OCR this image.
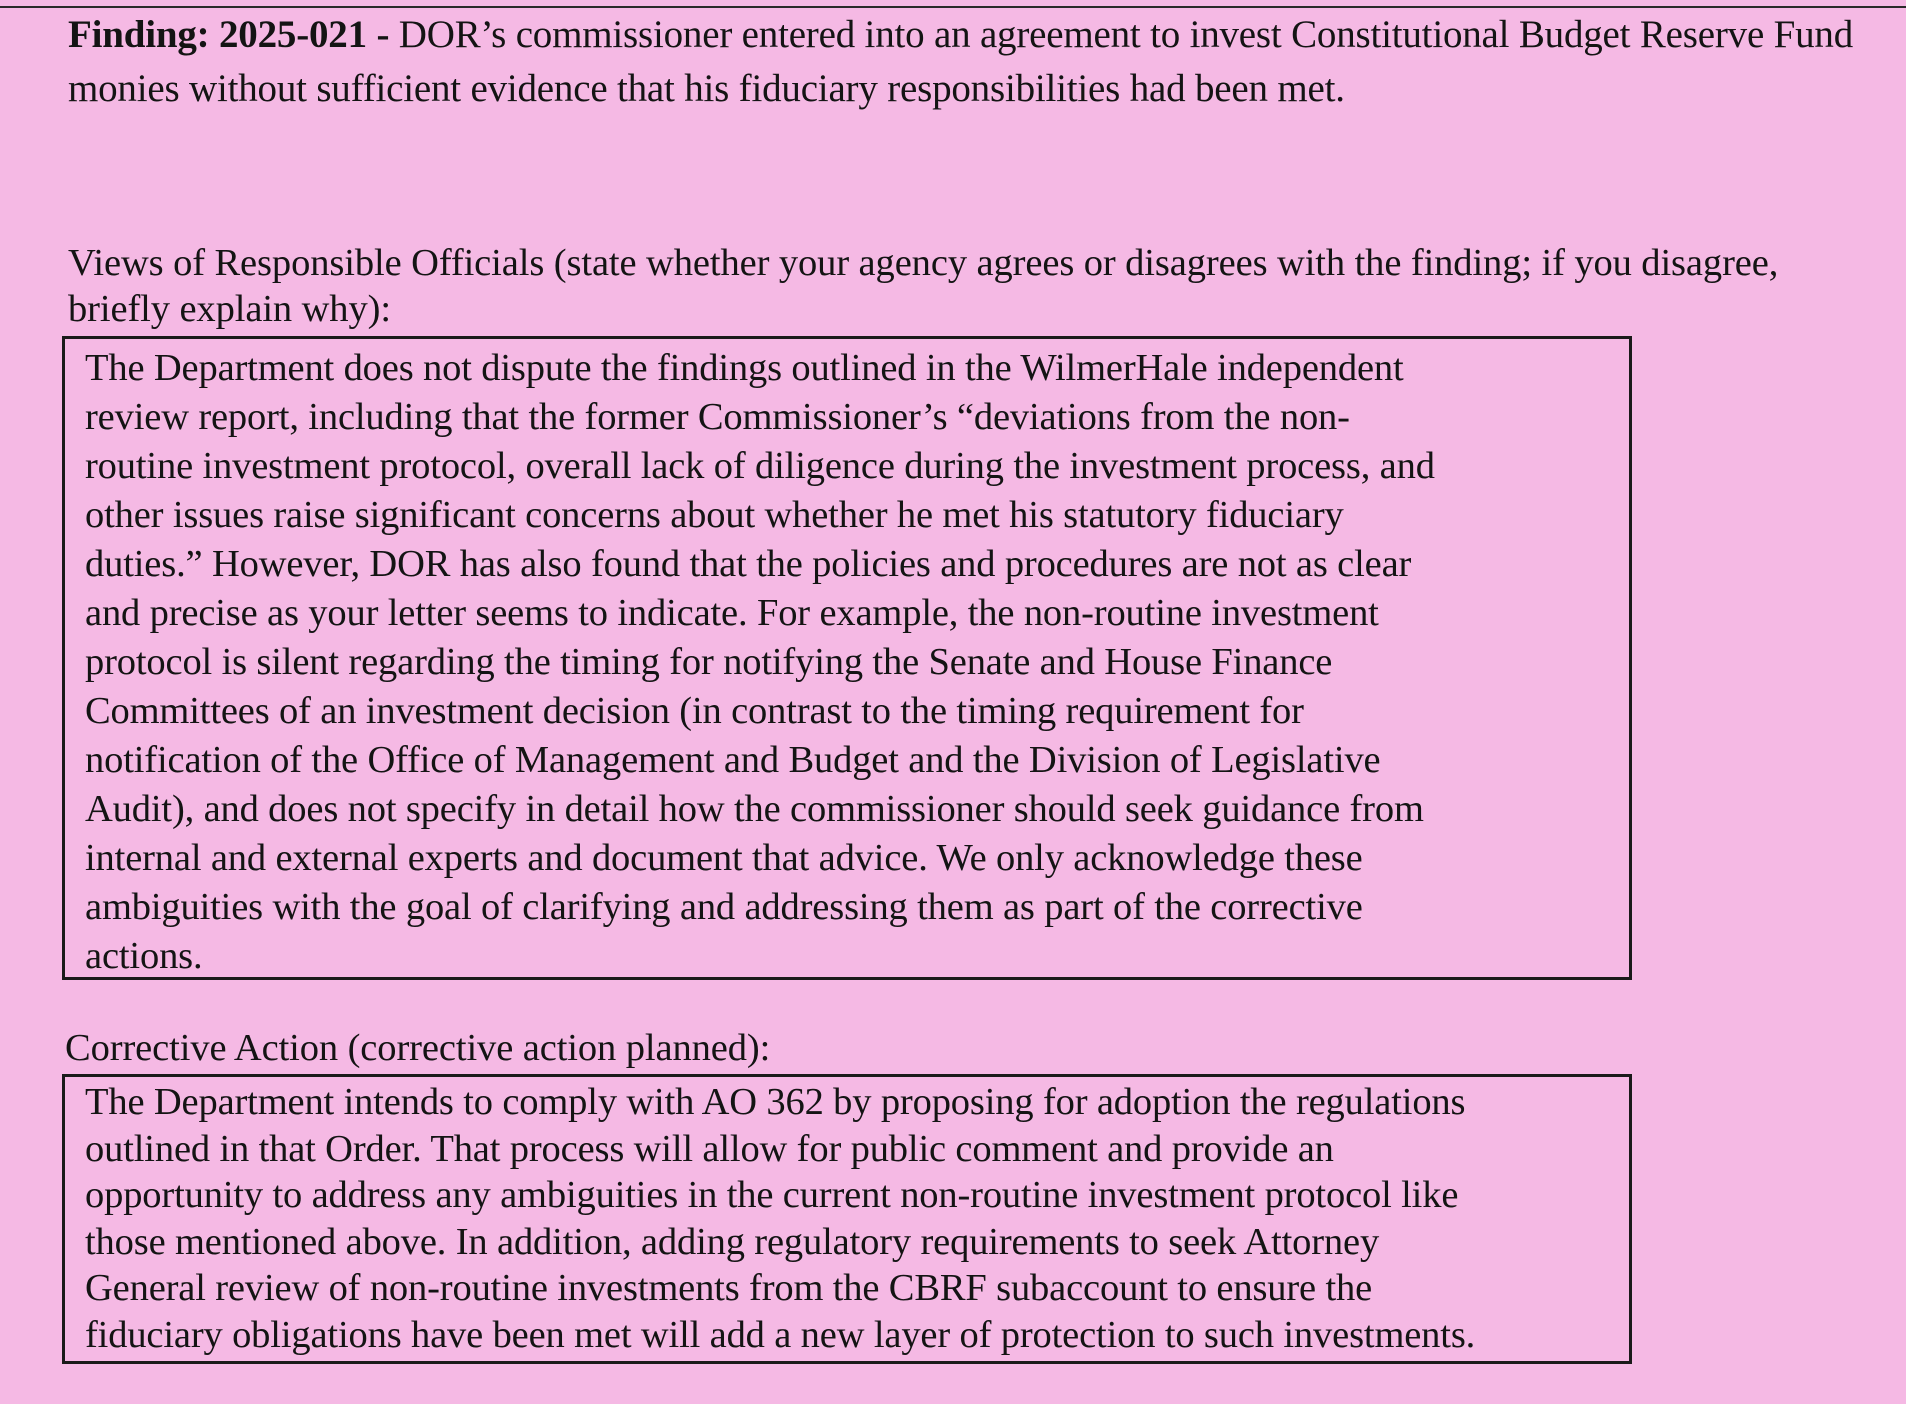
Finding: 2025-021 - DOR’s commissioner entered into an agreement to invest Constitutional Budget Reserve Fund monies without sufficient evidence that his fiduciary responsibilities had been met.
Views of Responsible Officials (state whether your agency agrees or disagrees with the finding; if you disagree, briefly explain why):
The Department does not dispute the findings outlined in the WilmerHale independent
review report, including that the former Commissioner’s “deviations from the non-
routine investment protocol, overall lack of diligence during the investment process, and
other issues raise significant concerns about whether he met his statutory fiduciary
duties.” However, DOR has also found that the policies and procedures are not as clear
and precise as your letter seems to indicate. For example, the non-routine investment
protocol is silent regarding the timing for notifying the Senate and House Finance
Committees of an investment decision (in contrast to the timing requirement for
notification of the Office of Management and Budget and the Division of Legislative
Audit), and does not specify in detail how the commissioner should seek guidance from
internal and external experts and document that advice. We only acknowledge these
ambiguities with the goal of clarifying and addressing them as part of the corrective
actions.
Corrective Action (corrective action planned):
The Department intends to comply with AO 362 by proposing for adoption the regulations
outlined in that Order. That process will allow for public comment and provide an
opportunity to address any ambiguities in the current non-routine investment protocol like
those mentioned above. In addition, adding regulatory requirements to seek Attorney
General review of non-routine investments from the CBRF subaccount to ensure the
fiduciary obligations have been met will add a new layer of protection to such investments.
